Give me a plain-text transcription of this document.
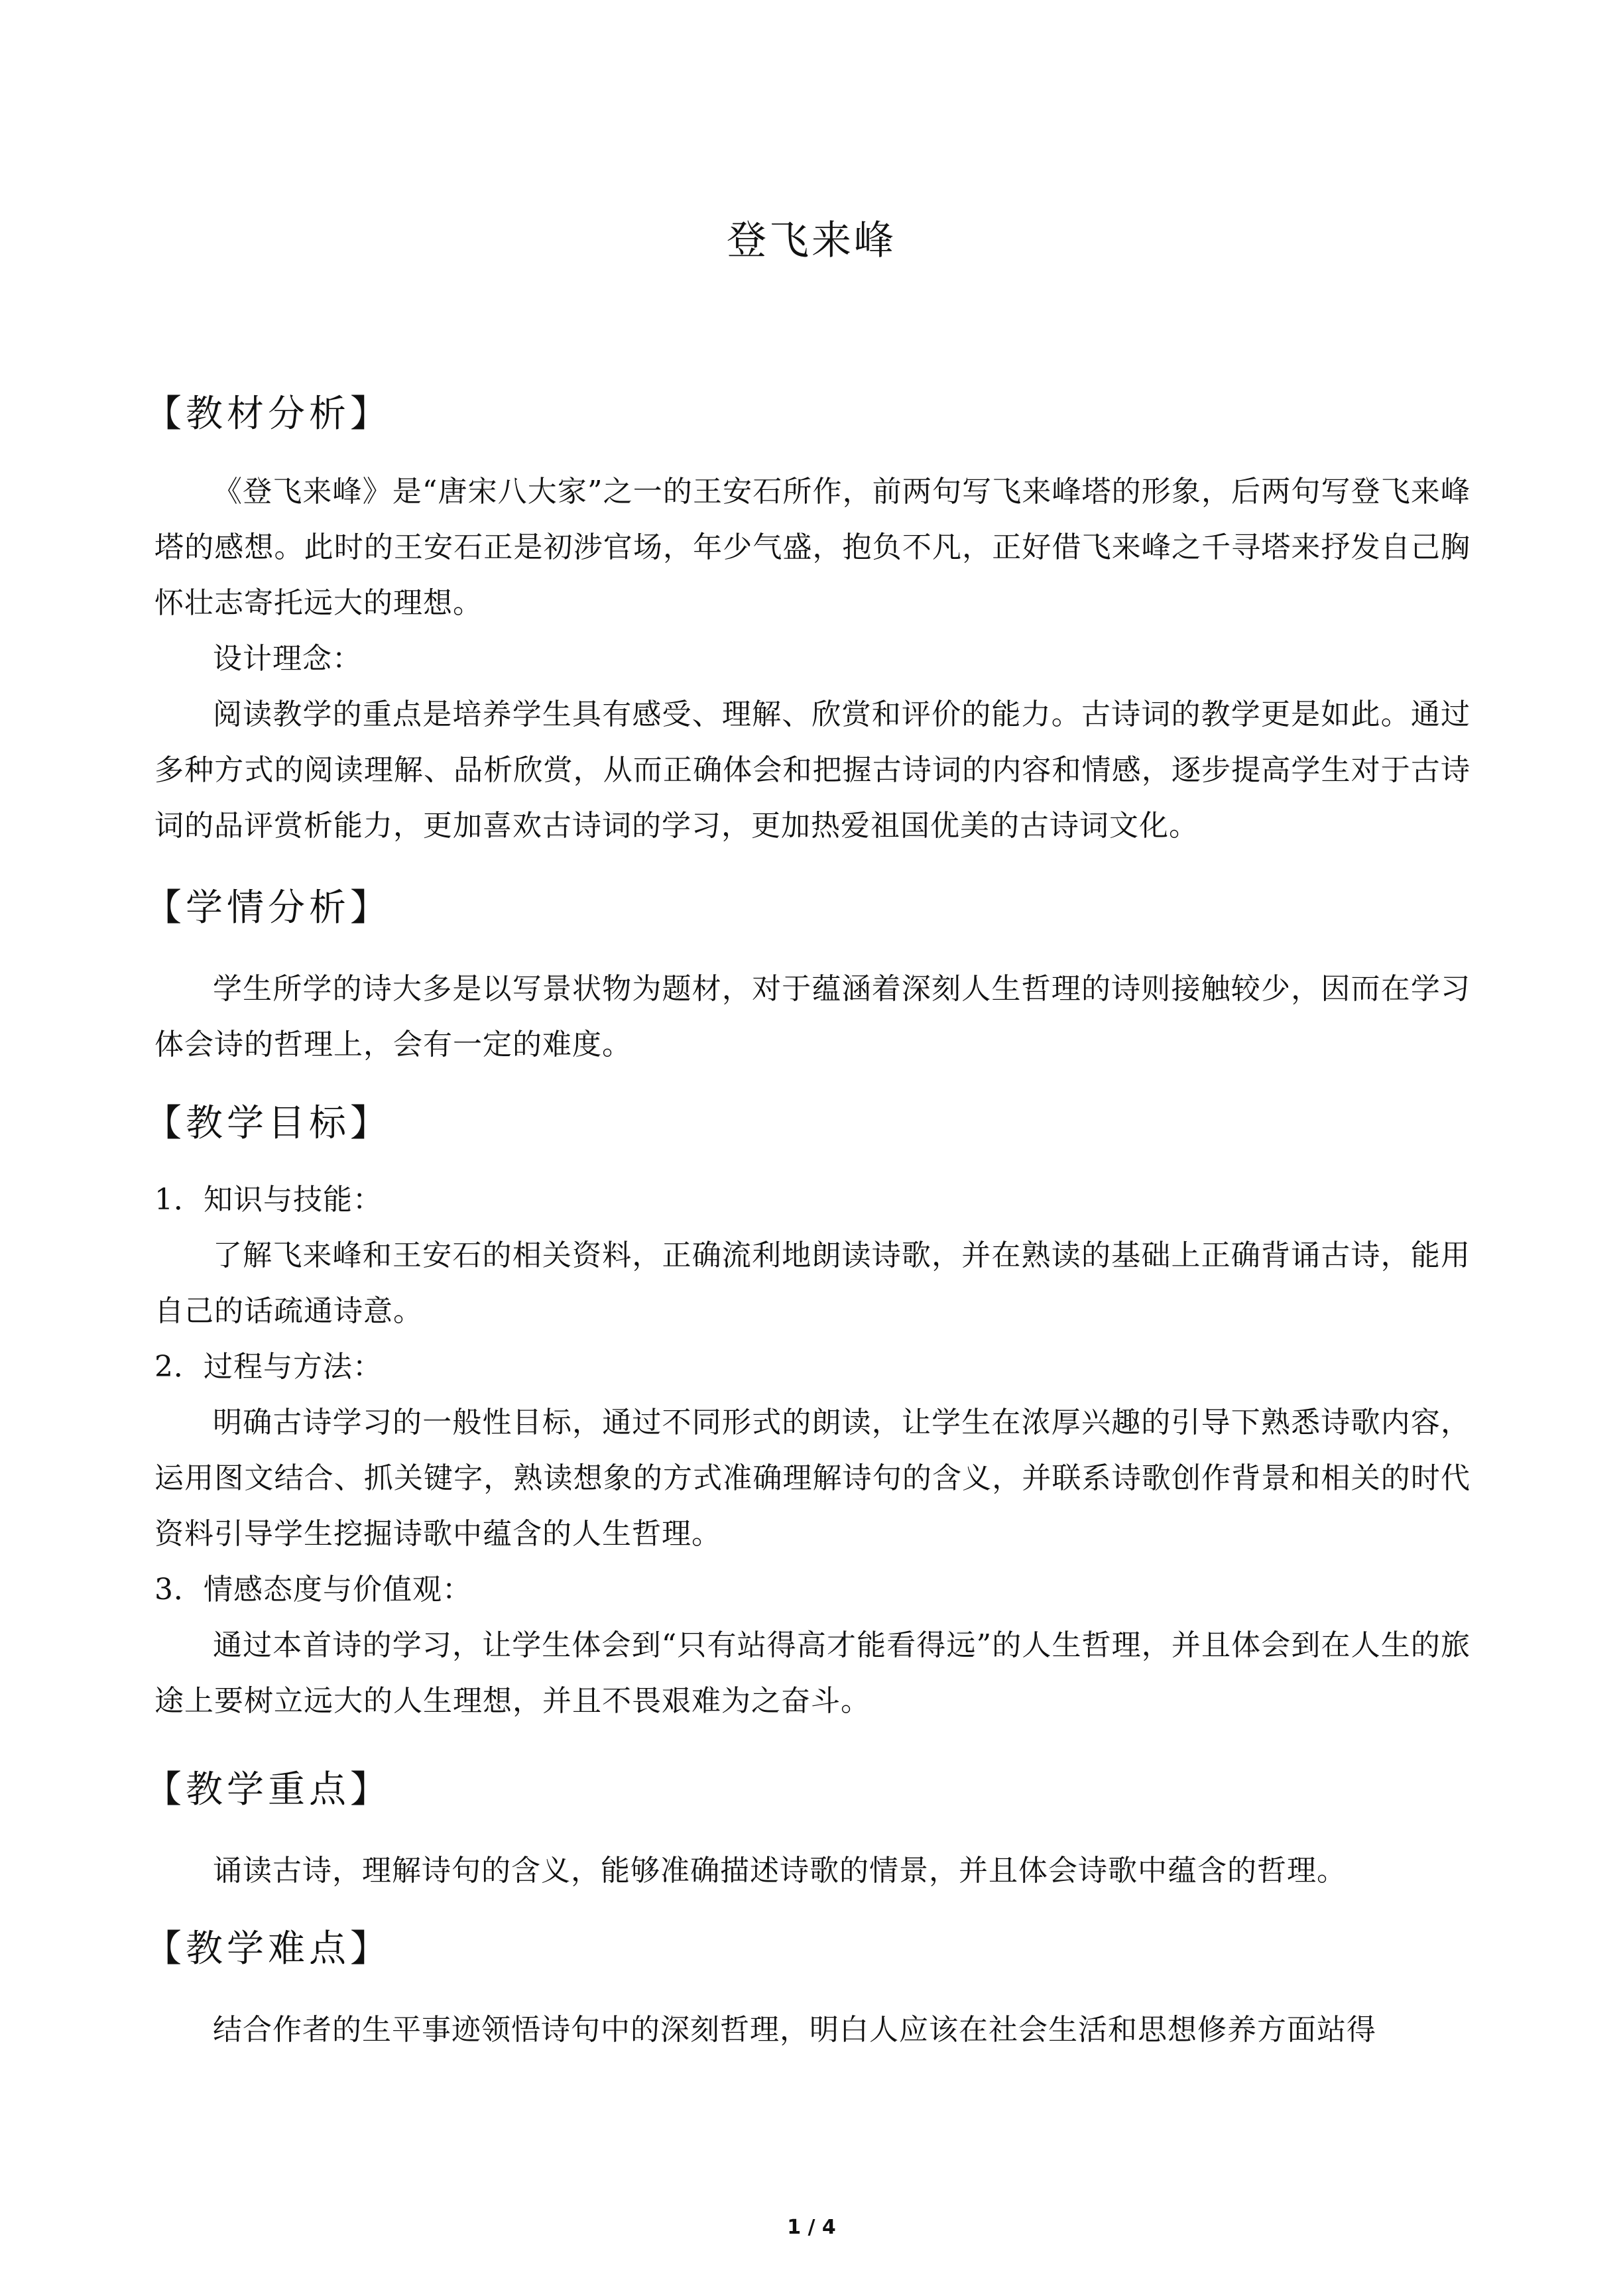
登飞来峰
【教材分析】

《登飞来峰》是“唐宋八大家”之一的王安石所作，前两句写飞来峰塔的形象，后两句写登飞来峰塔的感想。此时的王安石正是初涉官场，年少气盛，抱负不凡，正好借飞来峰之千寻塔来抒发自己胸怀壮志寄托远大的理想。

设计理念：

阅读教学的重点是培养学生具有感受、理解、欣赏和评价的能力。古诗词的教学更是如此。通过多种方式的阅读理解、品析欣赏，从而正确体会和把握古诗词的内容和情感，逐步提高学生对于古诗词的品评赏析能力，更加喜欢古诗词的学习，更加热爱祖国优美的古诗词文化。

【学情分析】

学生所学的诗大多是以写景状物为题材，对于蕴涵着深刻人生哲理的诗则接触较少，因而在学习体会诗的哲理上，会有一定的难度。

【教学目标】

1．知识与技能：

了解飞来峰和王安石的相关资料，正确流利地朗读诗歌，并在熟读的基础上正确背诵古诗，能用自己的话疏通诗意。

2．过程与方法：

明确古诗学习的一般性目标，通过不同形式的朗读，让学生在浓厚兴趣的引导下熟悉诗歌内容，运用图文结合、抓关键字，熟读想象的方式准确理解诗句的含义，并联系诗歌创作背景和相关的时代资料引导学生挖掘诗歌中蕴含的人生哲理。

3．情感态度与价值观：

通过本首诗的学习，让学生体会到“只有站得高才能看得远”的人生哲理，并且体会到在人生的旅途上要树立远大的人生理想，并且不畏艰难为之奋斗。

【教学重点】

诵读古诗，理解诗句的含义，能够准确描述诗歌的情景，并且体会诗歌中蕴含的哲理。

【教学难点】

结合作者的生平事迹领悟诗句中的深刻哲理，明白人应该在社会生活和思想修养方面站得

1 / 4
